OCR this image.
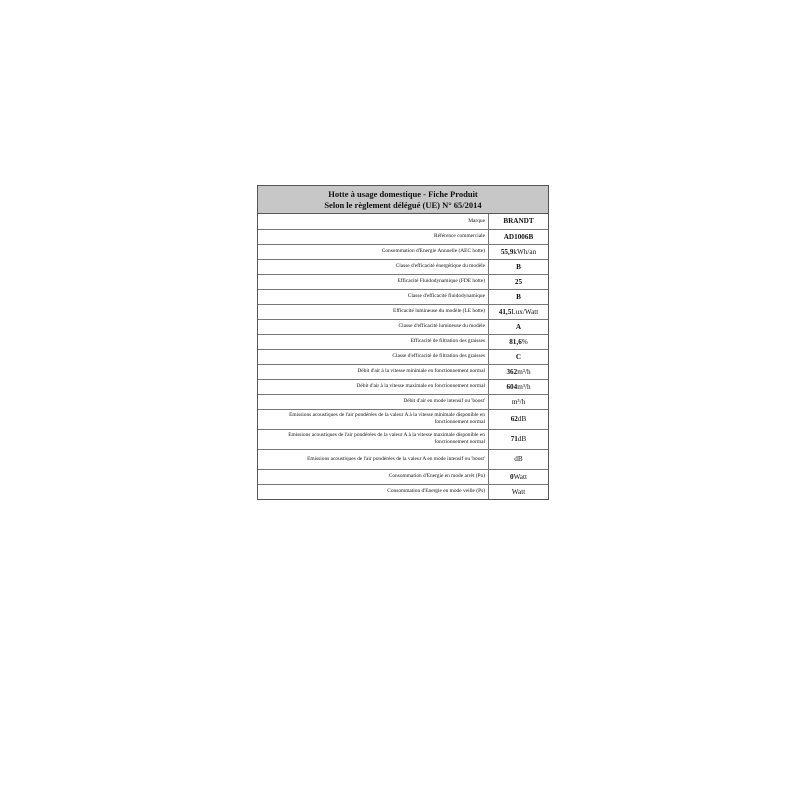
Hotte à usage domestique - Fiche Produit
Selon le règlement délégué (UE) N° 65/2014
Marque	BRANDT
Référence commerciale	AD1006B
Consommation d'Energie Annuelle (AEC hotte)	55,9kWh/an
Classe d'efficacité énergétique du modèle	B
Efficacité Fluidodynamique (FDE hotte)	25
Classe d'efficacité fluidodynamique	B
Efficacité lumineuse du modèle (LE hotte)	41,5Lux/Watt
Classe d'efficacité lumineuse du modèle	A
Efficacité de filtration des graisses	81,6%
Classe d'efficacité de filtration des graisses	C
Débit d'air à la vitesse minimale en fonctionnement normal	362m³/h
Débit d'air à la vitesse maximale en fonctionnement normal	604m³/h
Débit d'air en mode intensif ou 'boost'	m³/h
Emissions acoustiques de l'air pondérées de la valeur A à la vitesse minimale disponible en fonctionnement normal	62dB
Emissions acoustiques de l'air pondérées de la valeur A à la vitesse maximale disponible en fonctionnement normal	71dB
Emissions acoustiques de l'air pondérées de la valeur A en mode intensif ou 'boost'	dB
Consommation d'Energie en mode arrêt (Po)	0Watt
Consommation d'Energie en mode veille (Ps)	Watt
